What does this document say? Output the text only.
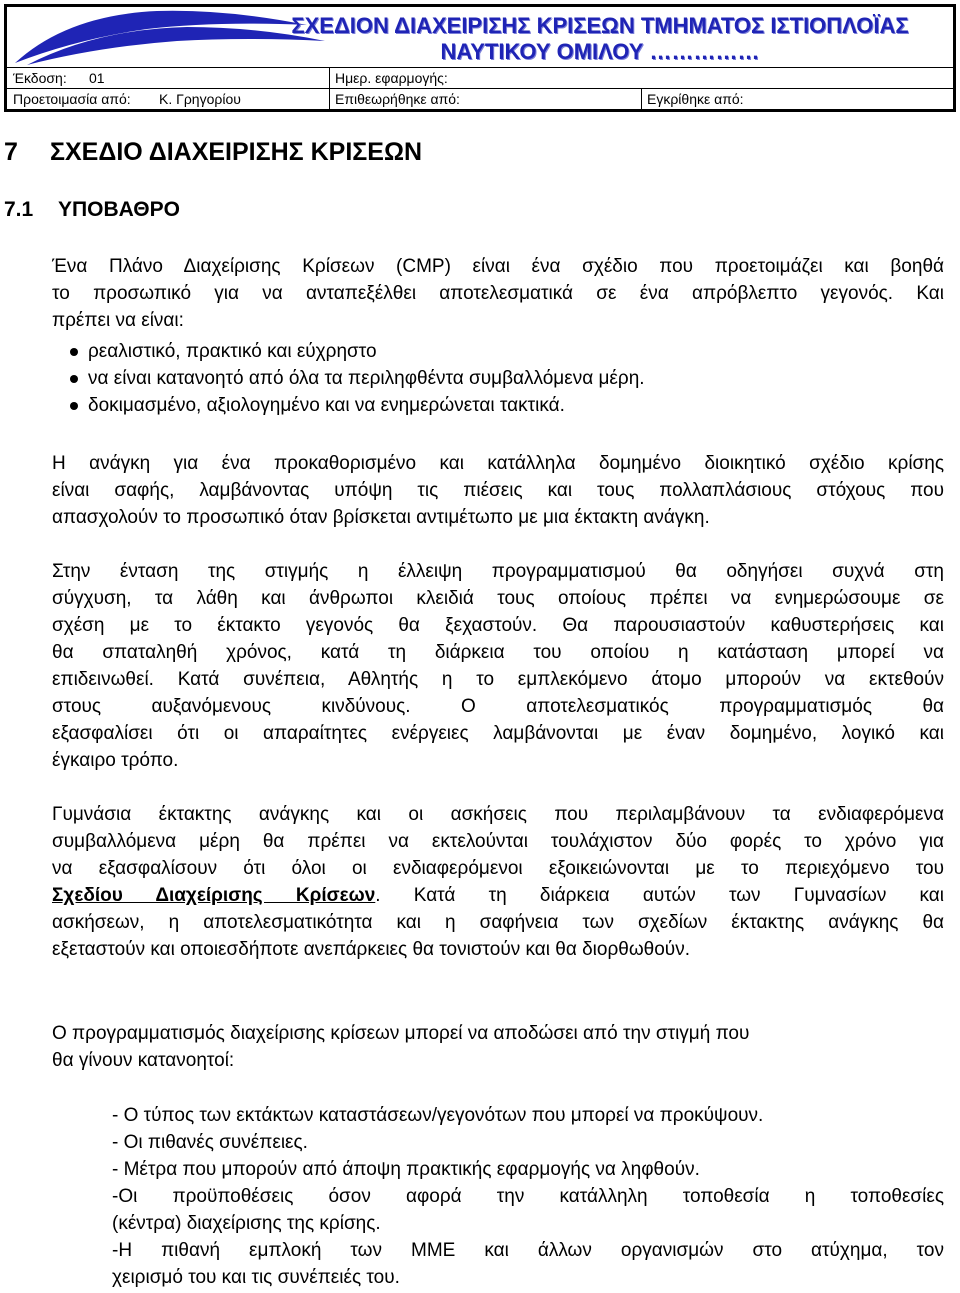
ΣΧΕΔΙΟΝ ΔΙΑΧΕΙΡΙΣΗΣ ΚΡΙΣΕΩΝ ΤΜΗΜΑΤΟΣ ΙΣΤΙΟΠΛΟΪΑΣ
ΝΑΥΤΙΚΟΥ ΟΜΙΛΟΥ ……………
Έκδοση: 01	Ημερ. εφαρμογής:
Προετοιμασία από: Κ. Γρηγορίου	Επιθεωρήθηκε από:	Εγκρίθηκε από:
7 ΣΧΕΔΙΟ ΔΙΑΧΕΙΡΙΣΗΣ ΚΡΙΣΕΩΝ
7.1 ΥΠΟΒΑΘΡΟ
Ένα Πλάνο Διαχείρισης Κρίσεων (CMP) είναι ένα σχέδιο που προετοιμάζει και βοηθά
το προσωπικό για να ανταπεξέλθει αποτελεσματικά σε ένα απρόβλεπτο γεγονός. Και
πρέπει να είναι:
ρεαλιστικό, πρακτικό και εύχρηστο
να είναι κατανοητό από όλα τα περιληφθέντα συμβαλλόμενα μέρη.
δοκιμασμένο, αξιολογημένο και να ενημερώνεται τακτικά.
Η ανάγκη για ένα προκαθορισμένο και κατάλληλα δομημένο διοικητικό σχέδιο κρίσης
είναι σαφής, λαμβάνοντας υπόψη τις πιέσεις και τους πολλαπλάσιους στόχους που
απασχολούν το προσωπικό όταν βρίσκεται αντιμέτωπο με μια έκτακτη ανάγκη.
Στην ένταση της στιγμής η έλλειψη προγραμματισμού θα οδηγήσει συχνά στη
σύγχυση, τα λάθη και άνθρωποι κλειδιά τους οποίους πρέπει να ενημερώσουμε σε
σχέση με το έκτακτο γεγονός θα ξεχαστούν. Θα παρουσιαστούν καθυστερήσεις και
θα σπαταληθή χρόνος, κατά τη διάρκεια του οποίου η κατάσταση μπορεί να
επιδεινωθεί. Κατά συνέπεια, Αθλητής η το εμπλεκόμενο άτομο μπορούν να εκτεθούν
στους αυξανόμενους κινδύνους. Ο αποτελεσματικός προγραμματισμός θα
εξασφαλίσει ότι οι απαραίτητες ενέργειες λαμβάνονται με έναν δομημένο, λογικό και
έγκαιρο τρόπο.
Γυμνάσια έκτακτης ανάγκης και οι ασκήσεις που περιλαμβάνουν τα ενδιαφερόμενα
συμβαλλόμενα μέρη θα πρέπει να εκτελούνται τουλάχιστον δύο φορές το χρόνο για
να εξασφαλίσουν ότι όλοι οι ενδιαφερόμενοι εξοικειώνονται με το περιεχόμενο του
Σχεδίου Διαχείρισης Κρίσεων. Κατά τη διάρκεια αυτών των Γυμνασίων και
ασκήσεων, η αποτελεσματικότητα και η σαφήνεια των σχεδίων έκτακτης ανάγκης θα
εξεταστούν και οποιεσδήποτε ανεπάρκειες θα τονιστούν και θα διορθωθούν.
Ο προγραμματισμός διαχείρισης κρίσεων μπορεί να αποδώσει από την στιγμή που
θα γίνουν κατανοητοί:
- Ο τύπος των εκτάκτων καταστάσεων/γεγονότων που μπορεί να προκύψουν.
- Οι πιθανές συνέπειες.
- Μέτρα που μπορούν από άποψη πρακτικής εφαρμογής να ληφθούν.
-Οι προϋποθέσεις όσον αφορά την κατάλληλη τοποθεσία η τοποθεσίες
(κέντρα) διαχείρισης της κρίσης.
-Η πιθανή εμπλοκή των ΜΜΕ και άλλων οργανισμών στο ατύχημα, τον
χειρισμό του και τις συνέπειές του.
